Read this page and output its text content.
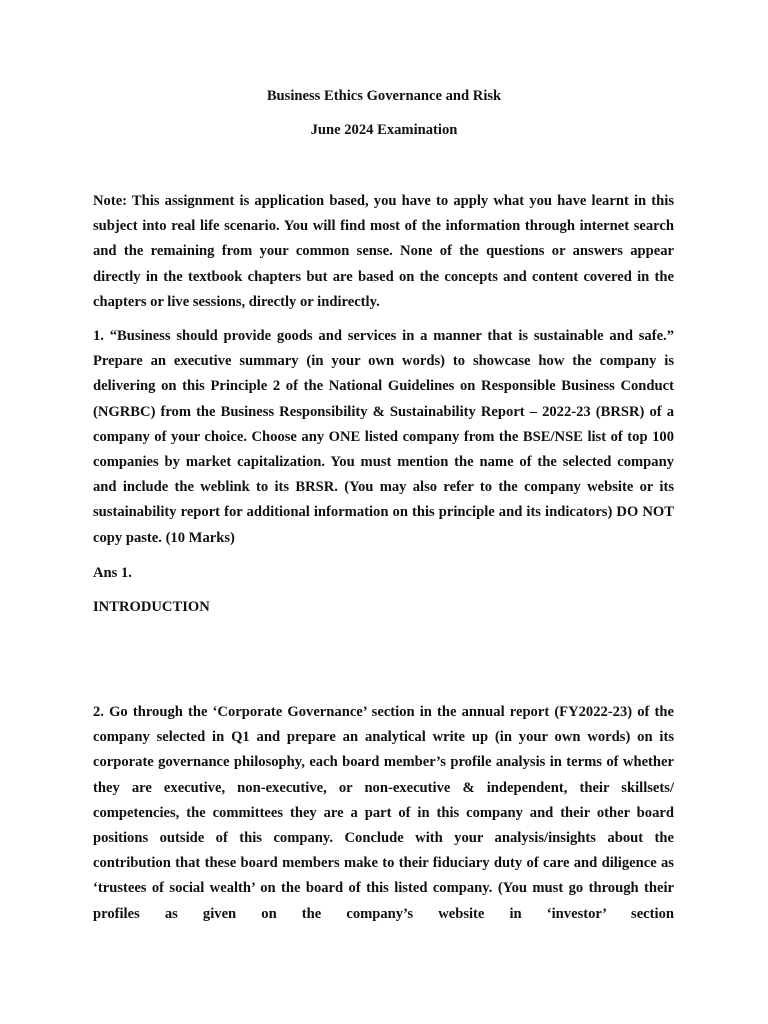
Business Ethics Governance and Risk
June 2024 Examination

Note: This assignment is application based, you have to apply what you have learnt in this subject into real life scenario. You will find most of the information through internet search and the remaining from your common sense. None of the questions or answers appear directly in the textbook chapters but are based on the concepts and content covered in the chapters or live sessions, directly or indirectly.

1. “Business should provide goods and services in a manner that is sustainable and safe.” Prepare an executive summary (in your own words) to showcase how the company is delivering on this Principle 2 of the National Guidelines on Responsible Business Conduct (NGRBC) from the Business Responsibility & Sustainability Report – 2022-23 (BRSR) of a company of your choice. Choose any ONE listed company from the BSE/NSE list of top 100 companies by market capitalization. You must mention the name of the selected company and include the weblink to its BRSR. (You may also refer to the company website or its sustainability report for additional information on this principle and its indicators) DO NOT copy paste. (10 Marks)

Ans 1.

INTRODUCTION

2. Go through the ‘Corporate Governance’ section in the annual report (FY2022-23) of the company selected in Q1 and prepare an analytical write up (in your own words) on its corporate governance philosophy, each board member’s profile analysis in terms of whether they are executive, non-executive, or non-executive & independent, their skillsets/ competencies, the committees they are a part of in this company and their other board positions outside of this company. Conclude with your analysis/insights about the contribution that these board members make to their fiduciary duty of care and diligence as ‘trustees of social wealth’ on the board of this listed company. (You must go through their profiles as given on the company’s website in ‘investor’ section
